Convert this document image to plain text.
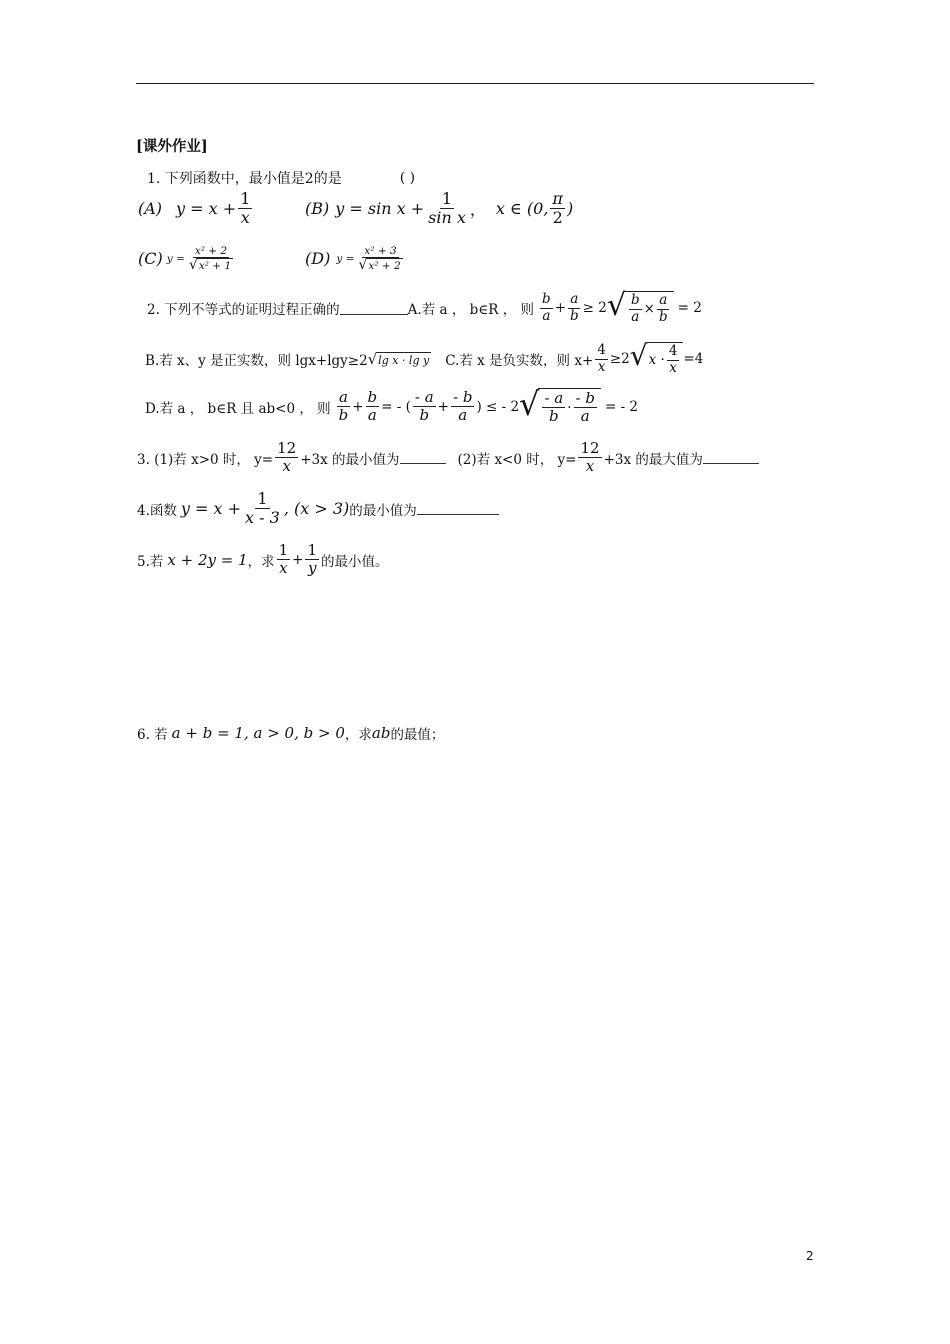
[课外作业]
1. 下列函数中，最小值是2的是	( )
(A) $y = x + \frac{1}{x}$	(B) $y = \sin x + \frac{1}{\text{sin x}}$ ， x ∈ (0, $\frac{\pi}{2}$ )
(C) $y = \frac{\text{x² + 2}}{\text{√ x² + 1}}$	(D) $y = \frac{\text{x² + 3}}{\text{√ x² + 2}}$
2. 下列不等式的证明过程正确的	A.若 a ， b∈R ， 则 $\frac{b}{a} + \frac{a}{b} \ge 2$ √ $\frac{b}{a} \times \frac{a}{b} = 2$
B.若 x、y 是正实数，则 lgx+lgy≥2 √ lg x · lg y C.若 x 是负实数，则 $x+ \frac{4}{x} \ge 2$ √ $x \cdot \frac{4}{x} =4$
D.若 a ， b∈R 且 ab<0 ， 则 $\frac{a}{b} + \frac{b}{a}$ = - ( $\frac{- a}{b} + \frac{- b}{a}$ ) ≤ - 2 √ $\frac{- a}{b} \cdot \frac{- b}{a}$ = - 2
3. (1)若 x>0 时， $y= \frac{12}{x} +3x$ 的最小值为	(2)若 x<0 时， $y= \frac{12}{x} +3x$ 的最大值为
4.函数 $y = x + \frac{1}{x - 3}$ , (x > 3) 的最小值为
5.若 x + 2y = 1 ，求 $\frac{1}{x} + \frac{1}{y}$ 的最小值。
6. 若 a + b = 1, a > 0, b > 0 ，求 ab 的最值；
2
